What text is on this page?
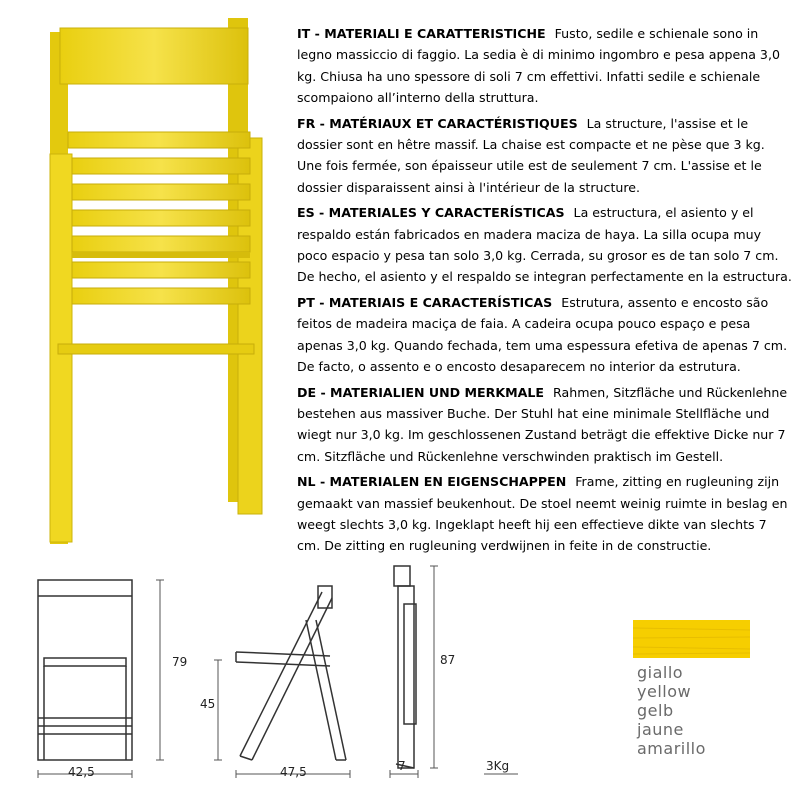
IT - MATERIALI E CARATTERISTICHE Fusto, sedile e schienale sono in legno massiccio di faggio. La sedia è di minimo ingombro e pesa appena 3,0 kg. Chiusa ha uno spessore di soli 7 cm effettivi. Infatti sedile e schienale scompaiono all’interno della struttura.

FR - MATÉRIAUX ET CARACTÉRISTIQUES La structure, l'assise et le dossier sont en hêtre massif. La chaise est compacte et ne pèse que 3 kg. Une fois fermée, son épaisseur utile est de seulement 7 cm. L'assise et le dossier disparaissent ainsi à l'intérieur de la structure.

ES - MATERIALES Y CARACTERÍSTICAS La estructura, el asiento y el respaldo están fabricados en madera maciza de haya. La silla ocupa muy poco espacio y pesa tan solo 3,0 kg. Cerrada, su grosor es de tan solo 7 cm. De hecho, el asiento y el respaldo se integran perfectamente en la estructura.

PT - MATERIAIS E CARACTERÍSTICAS Estrutura, assento e encosto são feitos de madeira maciça de faia. A cadeira ocupa pouco espaço e pesa apenas 3,0 kg. Quando fechada, tem uma espessura efetiva de apenas 7 cm. De facto, o assento e o encosto desaparecem no interior da estrutura.

DE - MATERIALIEN UND MERKMALE Rahmen, Sitzfläche und Rückenlehne bestehen aus massiver Buche. Der Stuhl hat eine minimale Stellfläche und wiegt nur 3,0 kg. Im geschlossenen Zustand beträgt die effektive Dicke nur 7 cm. Sitzfläche und Rückenlehne verschwinden praktisch im Gestell.

NL - MATERIALEN EN EIGENSCHAPPEN Frame, zitting en rugleuning zijn gemaakt van massief beukenhout. De stoel neemt weinig ruimte in beslag en weegt slechts 3,0 kg. Ingeklapt heeft hij een effectieve dikte van slechts 7 cm. De zitting en rugleuning verdwijnen in feite in de constructie.

42,5
79
47,5
45
7
87
3Kg
giallo
yellow
gelb
jaune
amarillo
